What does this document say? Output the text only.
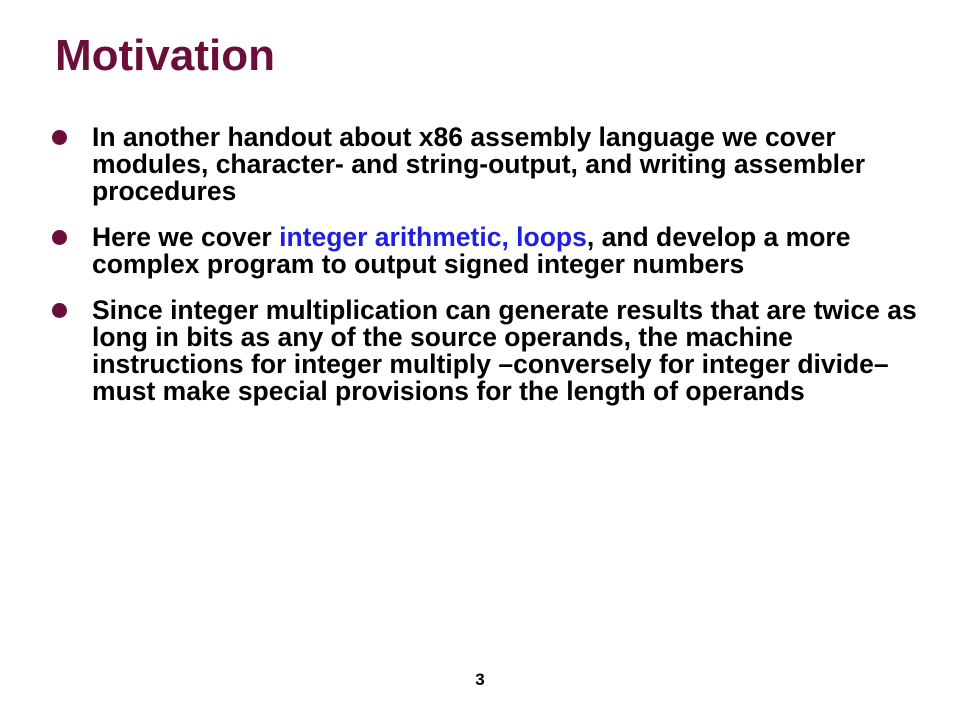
Motivation
In another handout about x86 assembly language we cover modules, character- and string-output, and writing assembler procedures
Here we cover integer arithmetic, loops, and develop a more complex program to output signed integer numbers
Since integer multiplication can generate results that are twice as long in bits as any of the source operands, the machine instructions for integer multiply –conversely for integer divide– must make special provisions for the length of operands
3
